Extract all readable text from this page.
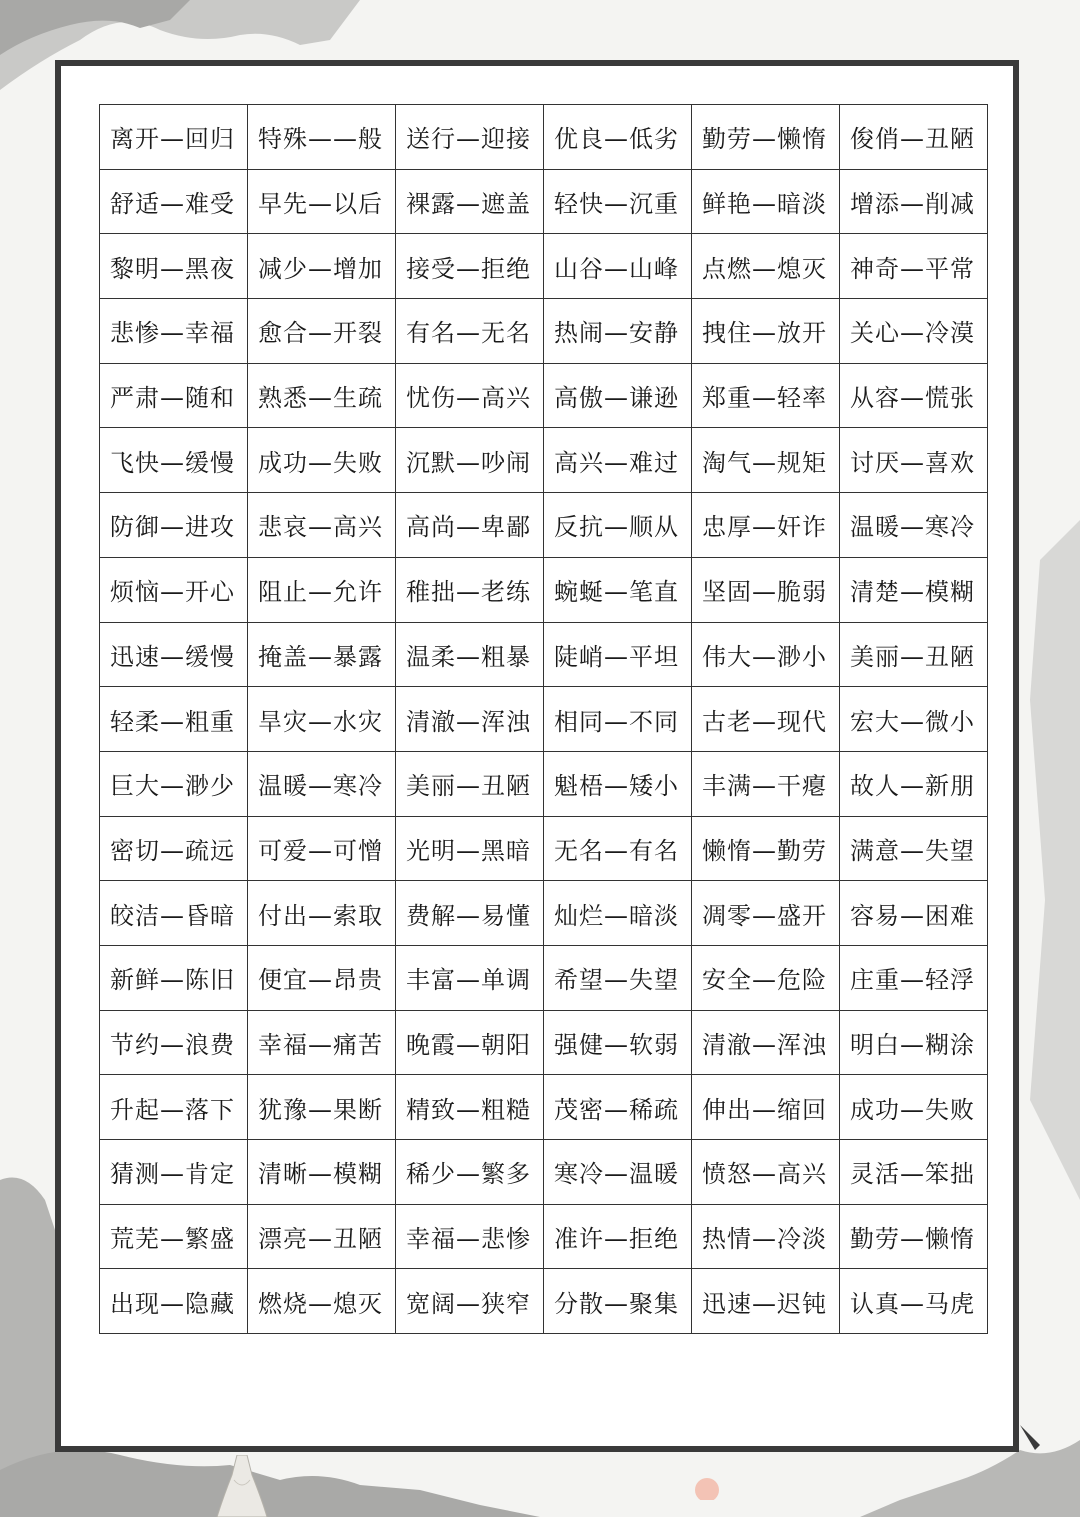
离开—回归	特殊——般	送行—迎接	优良—低劣	勤劳—懒惰	俊俏—丑陋
舒适—难受	早先—以后	裸露—遮盖	轻快—沉重	鲜艳—暗淡	增添—削减
黎明—黑夜	减少—增加	接受—拒绝	山谷—山峰	点燃—熄灭	神奇—平常
悲惨—幸福	愈合—开裂	有名—无名	热闹—安静	拽住—放开	关心—冷漠
严肃—随和	熟悉—生疏	忧伤—高兴	高傲—谦逊	郑重—轻率	从容—慌张
飞快—缓慢	成功—失败	沉默—吵闹	高兴—难过	淘气—规矩	讨厌—喜欢
防御—进攻	悲哀—高兴	高尚—卑鄙	反抗—顺从	忠厚—奸诈	温暖—寒冷
烦恼—开心	阻止—允许	稚拙—老练	蜿蜒—笔直	坚固—脆弱	清楚—模糊
迅速—缓慢	掩盖—暴露	温柔—粗暴	陡峭—平坦	伟大—渺小	美丽—丑陋
轻柔—粗重	旱灾—水灾	清澈—浑浊	相同—不同	古老—现代	宏大—微小
巨大—渺少	温暖—寒冷	美丽—丑陋	魁梧—矮小	丰满—干瘪	故人—新朋
密切—疏远	可爱—可憎	光明—黑暗	无名—有名	懒惰—勤劳	满意—失望
皎洁—昏暗	付出—索取	费解—易懂	灿烂—暗淡	凋零—盛开	容易—困难
新鲜—陈旧	便宜—昂贵	丰富—单调	希望—失望	安全—危险	庄重—轻浮
节约—浪费	幸福—痛苦	晚霞—朝阳	强健—软弱	清澈—浑浊	明白—糊涂
升起—落下	犹豫—果断	精致—粗糙	茂密—稀疏	伸出—缩回	成功—失败
猜测—肯定	清晰—模糊	稀少—繁多	寒冷—温暖	愤怒—高兴	灵活—笨拙
荒芜—繁盛	漂亮—丑陋	幸福—悲惨	准许—拒绝	热情—冷淡	勤劳—懒惰
出现—隐藏	燃烧—熄灭	宽阔—狭窄	分散—聚集	迅速—迟钝	认真—马虎
